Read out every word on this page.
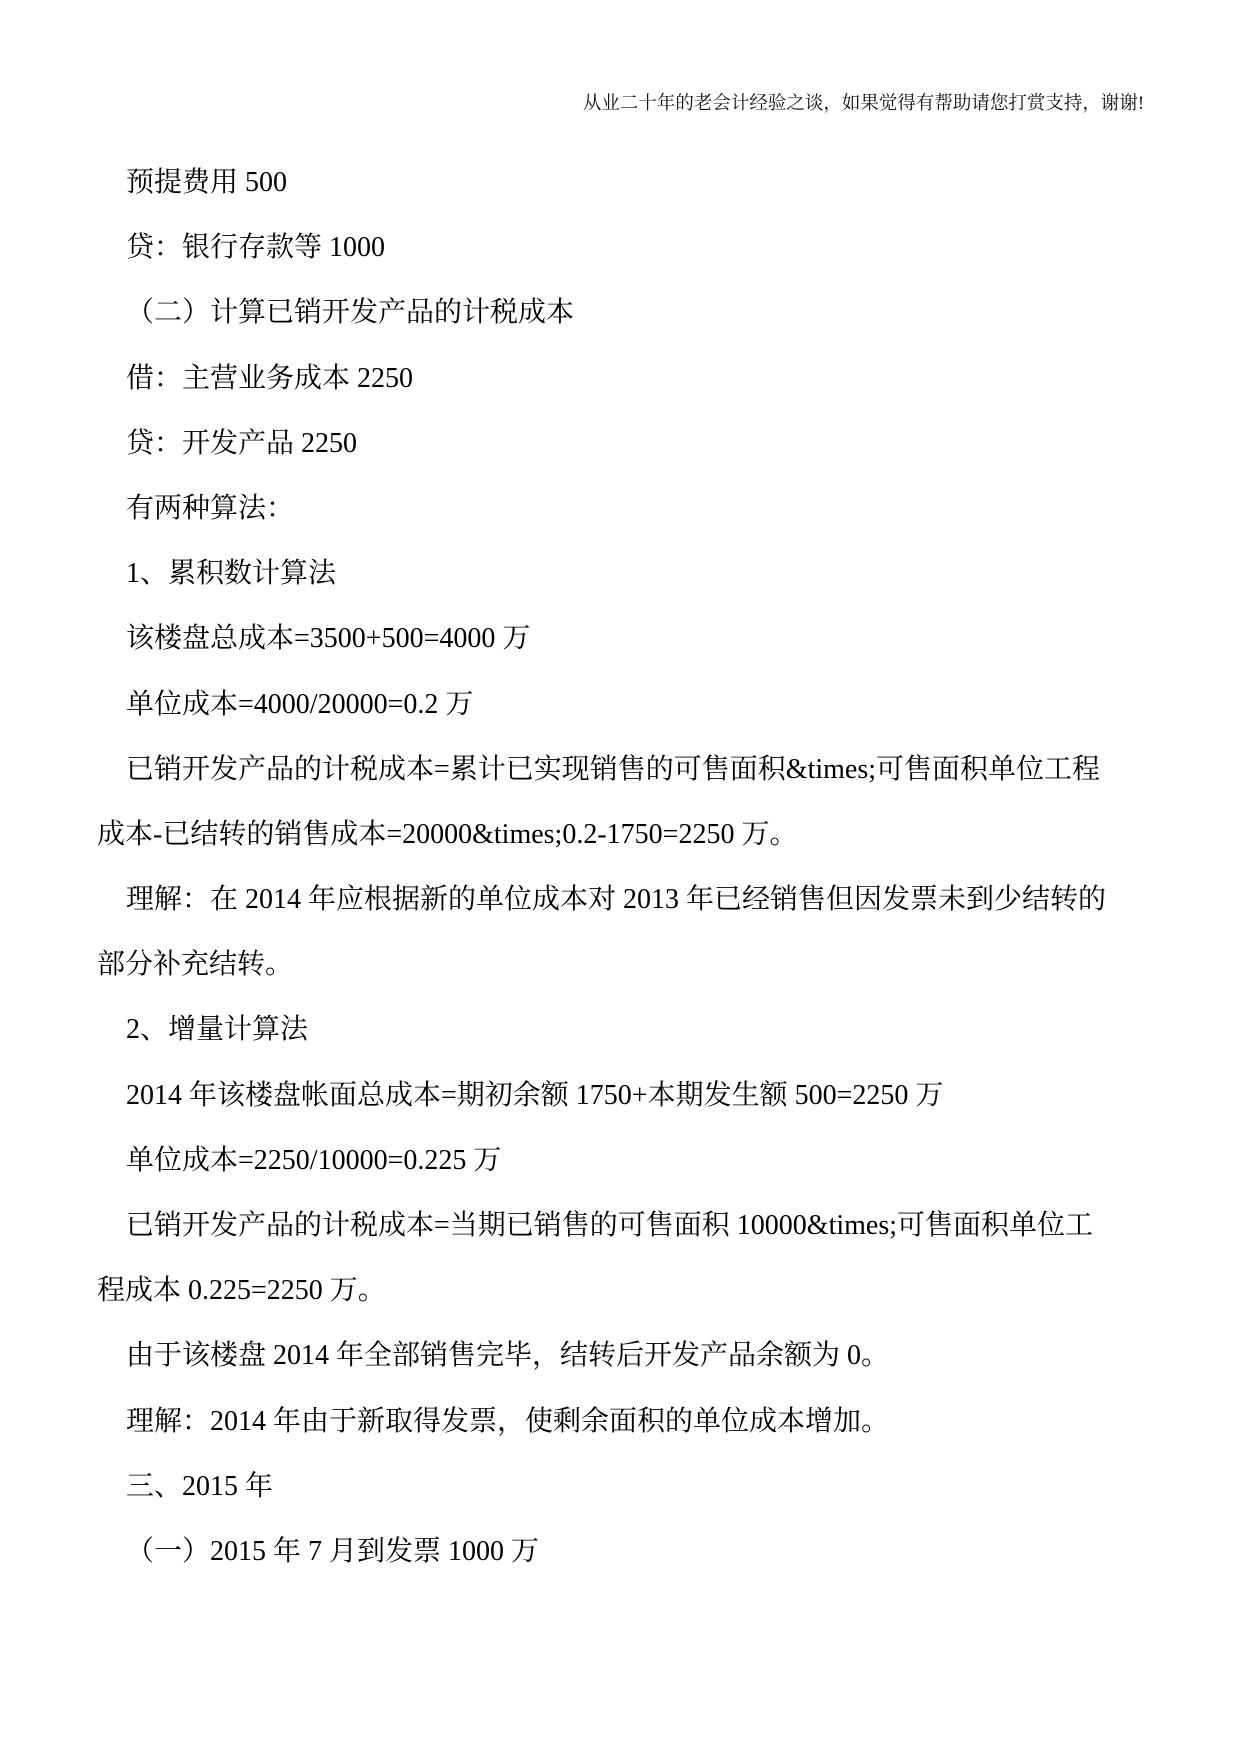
从业二十年的老会计经验之谈，如果觉得有帮助请您打赏支持，谢谢!
预提费用 500
贷：银行存款等 1000
（二）计算已销开发产品的计税成本
借：主营业务成本 2250
贷：开发产品 2250
有两种算法：
1、累积数计算法
该楼盘总成本=3500+500=4000 万
单位成本=4000/20000=0.2 万
已销开发产品的计税成本=累计已实现销售的可售面积&times;可售面积单位工程
成本-已结转的销售成本=20000&times;0.2-1750=2250 万。
理解：在 2014 年应根据新的单位成本对 2013 年已经销售但因发票未到少结转的
部分补充结转。
2、增量计算法
2014 年该楼盘帐面总成本=期初余额 1750+本期发生额 500=2250 万
单位成本=2250/10000=0.225 万
已销开发产品的计税成本=当期已销售的可售面积 10000&times;可售面积单位工
程成本 0.225=2250 万。
由于该楼盘 2014 年全部销售完毕，结转后开发产品余额为 0。
理解：2014 年由于新取得发票，使剩余面积的单位成本增加。
三、2015 年
（一）2015 年 7 月到发票 1000 万
